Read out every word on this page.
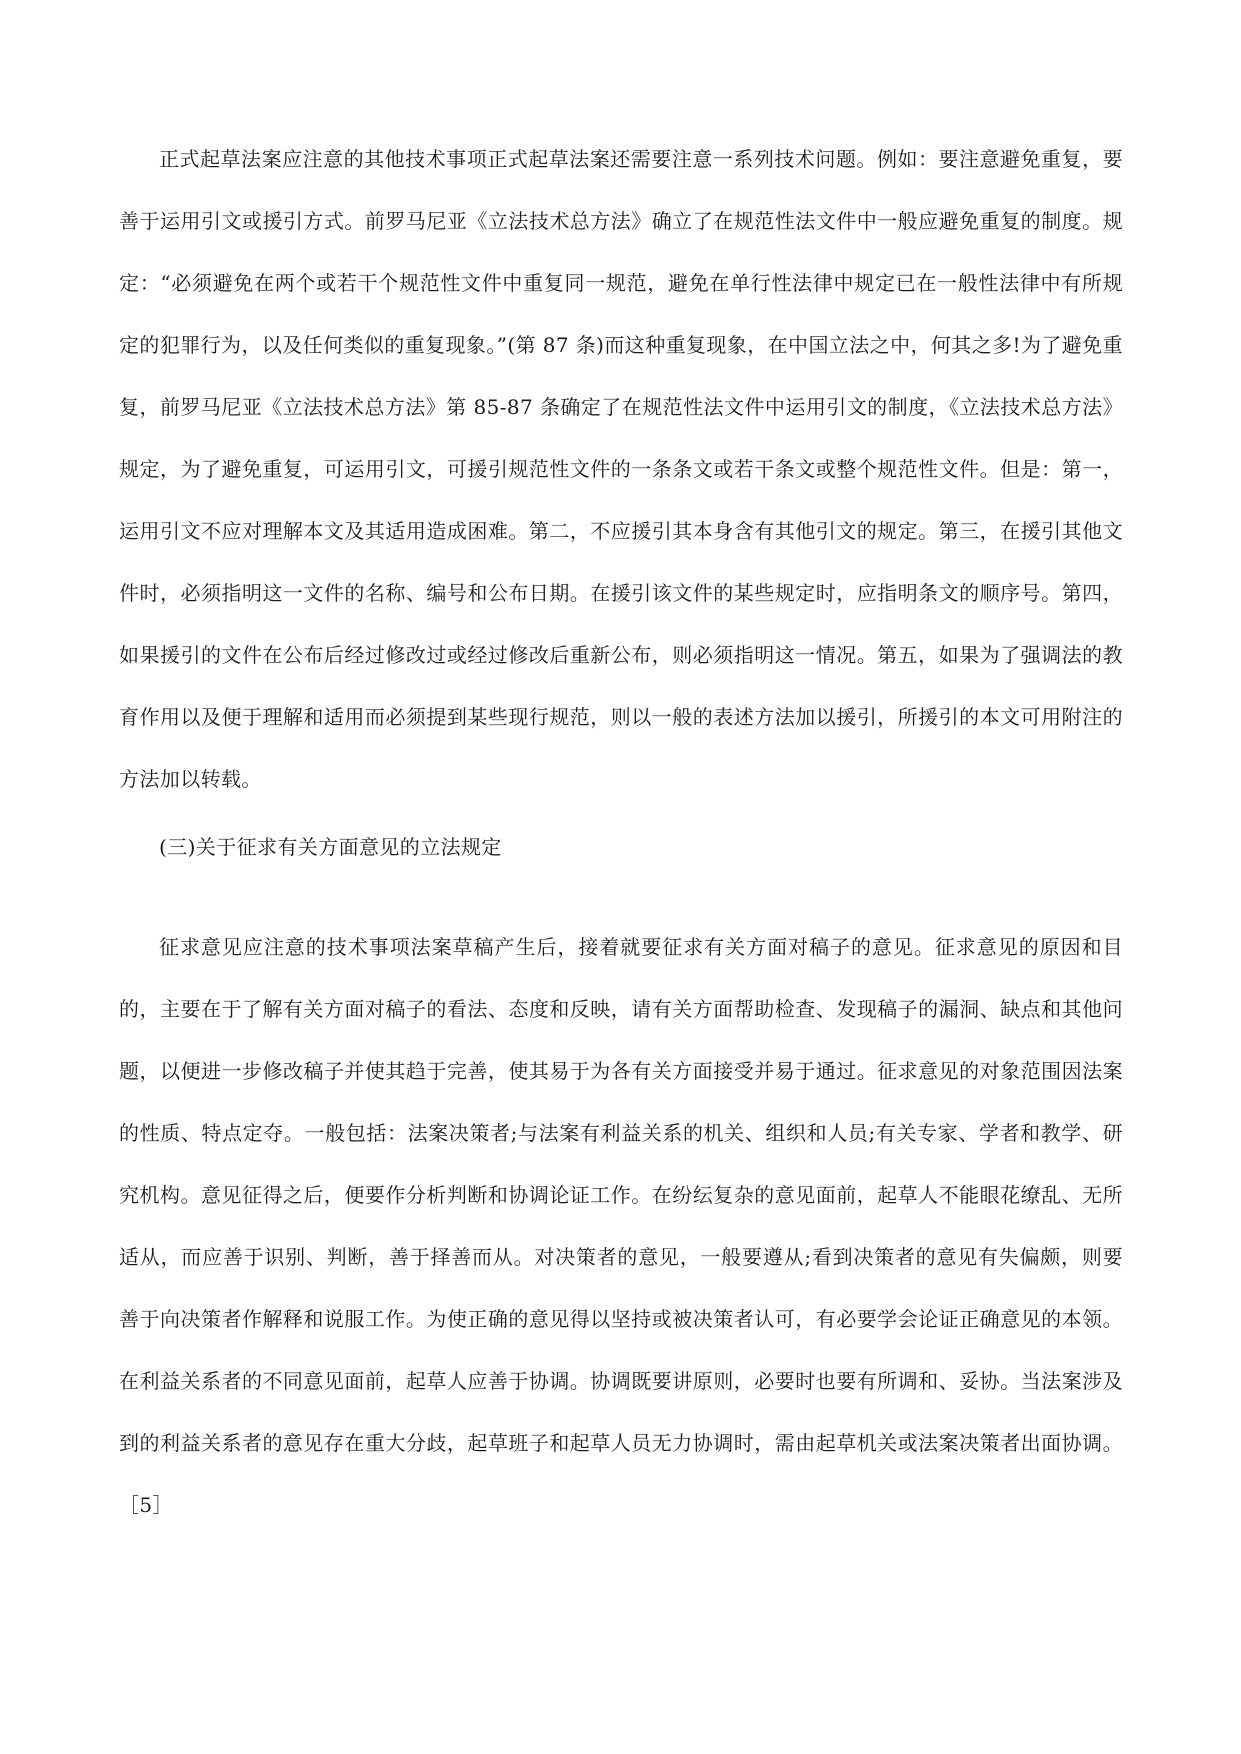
正式起草法案应注意的其他技术事项正式起草法案还需要注意一系列技术问题。例如：要注意避免重复，要善于运用引文或援引方式。前罗马尼亚《立法技术总方法》确立了在规范性法文件中一般应避免重复的制度。规定：“必须避免在两个或若干个规范性文件中重复同一规范，避免在单行性法律中规定已在一般性法律中有所规定的犯罪行为，以及任何类似的重复现象。”(第 87 条)而这种重复现象，在中国立法之中，何其之多!为了避免重复，前罗马尼亚《立法技术总方法》第 85-87 条确定了在规范性法文件中运用引文的制度，《立法技术总方法》规定，为了避免重复，可运用引文，可援引规范性文件的一条条文或若干条文或整个规范性文件。但是：第一，运用引文不应对理解本文及其适用造成困难。第二，不应援引其本身含有其他引文的规定。第三，在援引其他文件时，必须指明这一文件的名称、编号和公布日期。在援引该文件的某些规定时，应指明条文的顺序号。第四，如果援引的文件在公布后经过修改过或经过修改后重新公布，则必须指明这一情况。第五，如果为了强调法的教育作用以及便于理解和适用而必须提到某些现行规范，则以一般的表述方法加以援引，所援引的本文可用附注的方法加以转载。

(三)关于征求有关方面意见的立法规定

征求意见应注意的技术事项法案草稿产生后，接着就要征求有关方面对稿子的意见。征求意见的原因和目的，主要在于了解有关方面对稿子的看法、态度和反映，请有关方面帮助检查、发现稿子的漏洞、缺点和其他问题，以便进一步修改稿子并使其趋于完善，使其易于为各有关方面接受并易于通过。征求意见的对象范围因法案的性质、特点定夺。一般包括：法案决策者;与法案有利益关系的机关、组织和人员;有关专家、学者和教学、研究机构。意见征得之后，便要作分析判断和协调论证工作。在纷纭复杂的意见面前，起草人不能眼花缭乱、无所适从，而应善于识别、判断，善于择善而从。对决策者的意见，一般要遵从;看到决策者的意见有失偏颇，则要善于向决策者作解释和说服工作。为使正确的意见得以坚持或被决策者认可，有必要学会论证正确意见的本领。在利益关系者的不同意见面前，起草人应善于协调。协调既要讲原则，必要时也要有所调和、妥协。当法案涉及到的利益关系者的意见存在重大分歧，起草班子和起草人员无力协调时，需由起草机关或法案决策者出面协调。［5］
